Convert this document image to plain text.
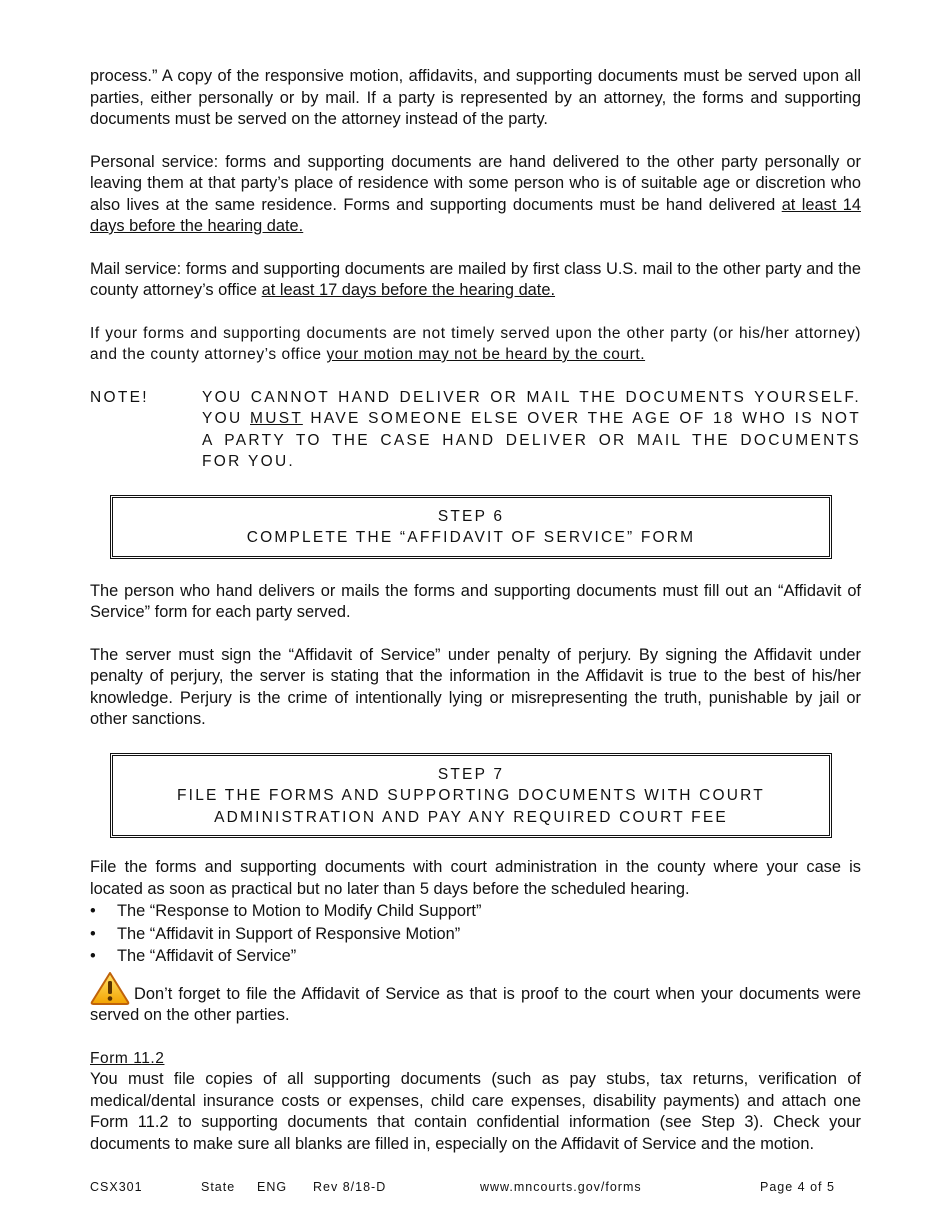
process.” A copy of the responsive motion, affidavits, and supporting documents must be served upon all parties, either personally or by mail. If a party is represented by an attorney, the forms and supporting documents must be served on the attorney instead of the party.

Personal service: forms and supporting documents are hand delivered to the other party personally or leaving them at that party’s place of residence with some person who is of suitable age or discretion who also lives at the same residence. Forms and supporting documents must be hand delivered at least 14 days before the hearing date.

Mail service: forms and supporting documents are mailed by first class U.S. mail to the other party and the county attorney’s office at least 17 days before the hearing date.

If your forms and supporting documents are not timely served upon the other party (or his/her attorney) and the county attorney’s office your motion may not be heard by the court.

NOTE!	YOU CANNOT HAND DELIVER OR MAIL THE DOCUMENTS YOURSELF. YOU MUST HAVE SOMEONE ELSE OVER THE AGE OF 18 WHO IS NOT A PARTY TO THE CASE HAND DELIVER OR MAIL THE DOCUMENTS FOR YOU.
STEP 6
COMPLETE THE “AFFIDAVIT OF SERVICE” FORM

The person who hand delivers or mails the forms and supporting documents must fill out an “Affidavit of Service” form for each party served.

The server must sign the “Affidavit of Service” under penalty of perjury. By signing the Affidavit under penalty of perjury, the server is stating that the information in the Affidavit is true to the best of his/her knowledge. Perjury is the crime of intentionally lying or misrepresenting the truth, punishable by jail or other sanctions.

STEP 7
FILE THE FORMS AND SUPPORTING DOCUMENTS WITH COURT
ADMINISTRATION AND PAY ANY REQUIRED COURT FEE

File the forms and supporting documents with court administration in the county where your case is located as soon as practical but no later than 5 days before the scheduled hearing.

• The “Response to Motion to Modify Child Support”
• The “Affidavit in Support of Responsive Motion”
• The “Affidavit of Service”

Don’t forget to file the Affidavit of Service as that is proof to the court when your documents were served on the other parties.

Form 11.2

You must file copies of all supporting documents (such as pay stubs, tax returns, verification of medical/dental insurance costs or expenses, child care expenses, disability payments) and attach one Form 11.2 to supporting documents that contain confidential information (see Step 3). Check your documents to make sure all blanks are filled in, especially on the Affidavit of Service and the motion.

CSX301	State ENG Rev 8/18-D	www.mncourts.gov/forms	Page 4 of 5
